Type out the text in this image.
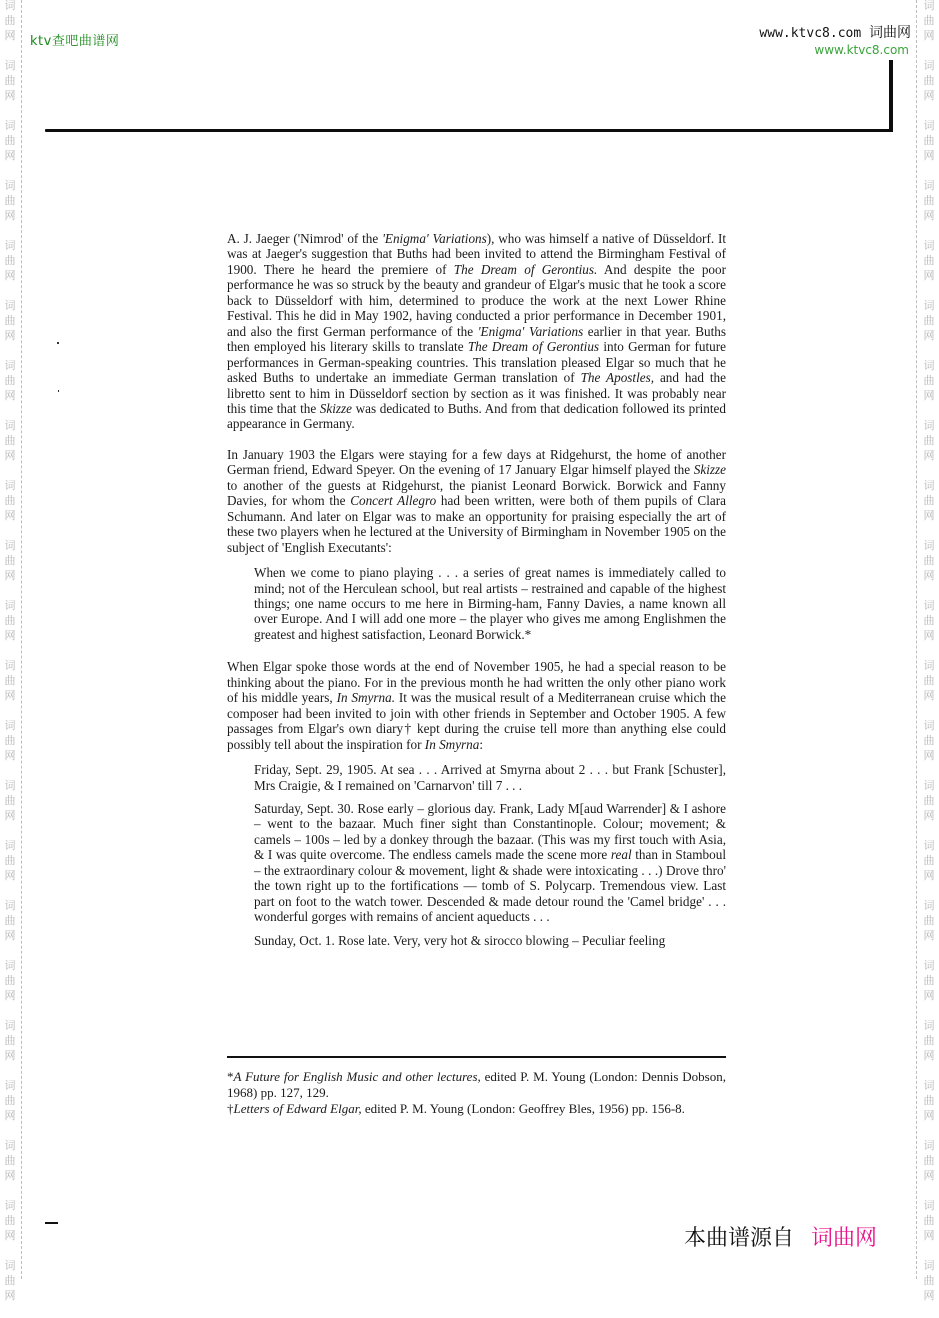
词
曲
网
词
曲
网
词
曲
网
词
曲
网
词
曲
网
词
曲
网
词
曲
网
词
曲
网
词
曲
网
词
曲
网
词
曲
网
词
曲
网
词
曲
网
词
曲
网
词
曲
网
词
曲
网
词
曲
网
词
曲
网
词
曲
网
词
曲
网
词
曲
网
词
曲
网
词
曲
网
词
曲
网
词
曲
网
词
曲
网
词
曲
网
词
曲
网
词
曲
网
词
曲
网
词
曲
网
词
曲
网
词
曲
网
词
曲
网
词
曲
网
词
曲
网
词
曲
网
词
曲
网
词
曲
网
词
曲
网
词
曲
网
词
曲
网
词
曲
网
词
曲
网
ktv查吧曲谱网
www.ktvc8.com 词曲网
www.ktvc8.com

A. J. Jaeger ('Nimrod' of the 'Enigma' Variations), who was himself a native of Düsseldorf. It was at Jaeger's suggestion that Buths had been invited to attend the Birmingham Festival of 1900. There he heard the premiere of The Dream of Gerontius. And despite the poor performance he was so struck by the beauty and grandeur of Elgar's music that he took a score back to Düsseldorf with him, determined to produce the work at the next Lower Rhine Festival. This he did in May 1902, having conducted a prior performance in December 1901, and also the first German performance of the 'Enigma' Variations earlier in that year. Buths then employed his literary skills to translate The Dream of Gerontius into German for future performances in German-speaking countries. This translation pleased Elgar so much that he asked Buths to undertake an immediate German translation of The Apostles, and had the libretto sent to him in Düsseldorf section by section as it was finished. It was probably near this time that the Skizze was dedicated to Buths. And from that dedication followed its printed appearance in Germany.

In January 1903 the Elgars were staying for a few days at Ridgehurst, the home of another German friend, Edward Speyer. On the evening of 17 January Elgar himself played the Skizze to another of the guests at Ridgehurst, the pianist Leonard Borwick. Borwick and Fanny Davies, for whom the Concert Allegro had been written, were both of them pupils of Clara Schumann. And later on Elgar was to make an opportunity for praising especially the art of these two players when he lectured at the University of Birmingham in November 1905 on the subject of 'English Executants':

When we come to piano playing . . . a series of great names is immediately called to mind; not of the Herculean school, but real artists – restrained and capable of the highest things; one name occurs to me here in Birming-ham, Fanny Davies, a name known all over Europe. And I will add one more – the player who gives me among Englishmen the greatest and highest satisfaction, Leonard Borwick.*

When Elgar spoke those words at the end of November 1905, he had a special reason to be thinking about the piano. For in the previous month he had written the only other piano work of his middle years, In Smyrna. It was the musical result of a Mediterranean cruise which the composer had been invited to join with other friends in September and October 1905. A few passages from Elgar's own diary† kept during the cruise tell more than anything else could possibly tell about the inspiration for In Smyrna:

Friday, Sept. 29, 1905. At sea . . . Arrived at Smyrna about 2 . . . but Frank [Schuster], Mrs Craigie, & I remained on 'Carnarvon' till 7 . . .

Saturday, Sept. 30. Rose early – glorious day. Frank, Lady M[aud Warrender] & I ashore – went to the bazaar. Much finer sight than Constantinople. Colour; movement; & camels – 100s – led by a donkey through the bazaar. (This was my first touch with Asia, & I was quite overcome. The endless camels made the scene more real than in Stamboul – the extraordinary colour & movement, light & shade were intoxicating . . .) Drove thro' the town right up to the fortifications — tomb of S. Polycarp. Tremendous view. Last part on foot to the watch tower. Descended & made detour round the 'Camel bridge' . . . wonderful gorges with remains of ancient aqueducts . . .

Sunday, Oct. 1. Rose late. Very, very hot & sirocco blowing – Peculiar feeling

*A Future for English Music and other lectures, edited P. M. Young (London: Dennis Dobson, 1968) pp. 127, 129.

†Letters of Edward Elgar, edited P. M. Young (London: Geoffrey Bles, 1956) pp. 156-8.

本曲谱源自 词曲网
